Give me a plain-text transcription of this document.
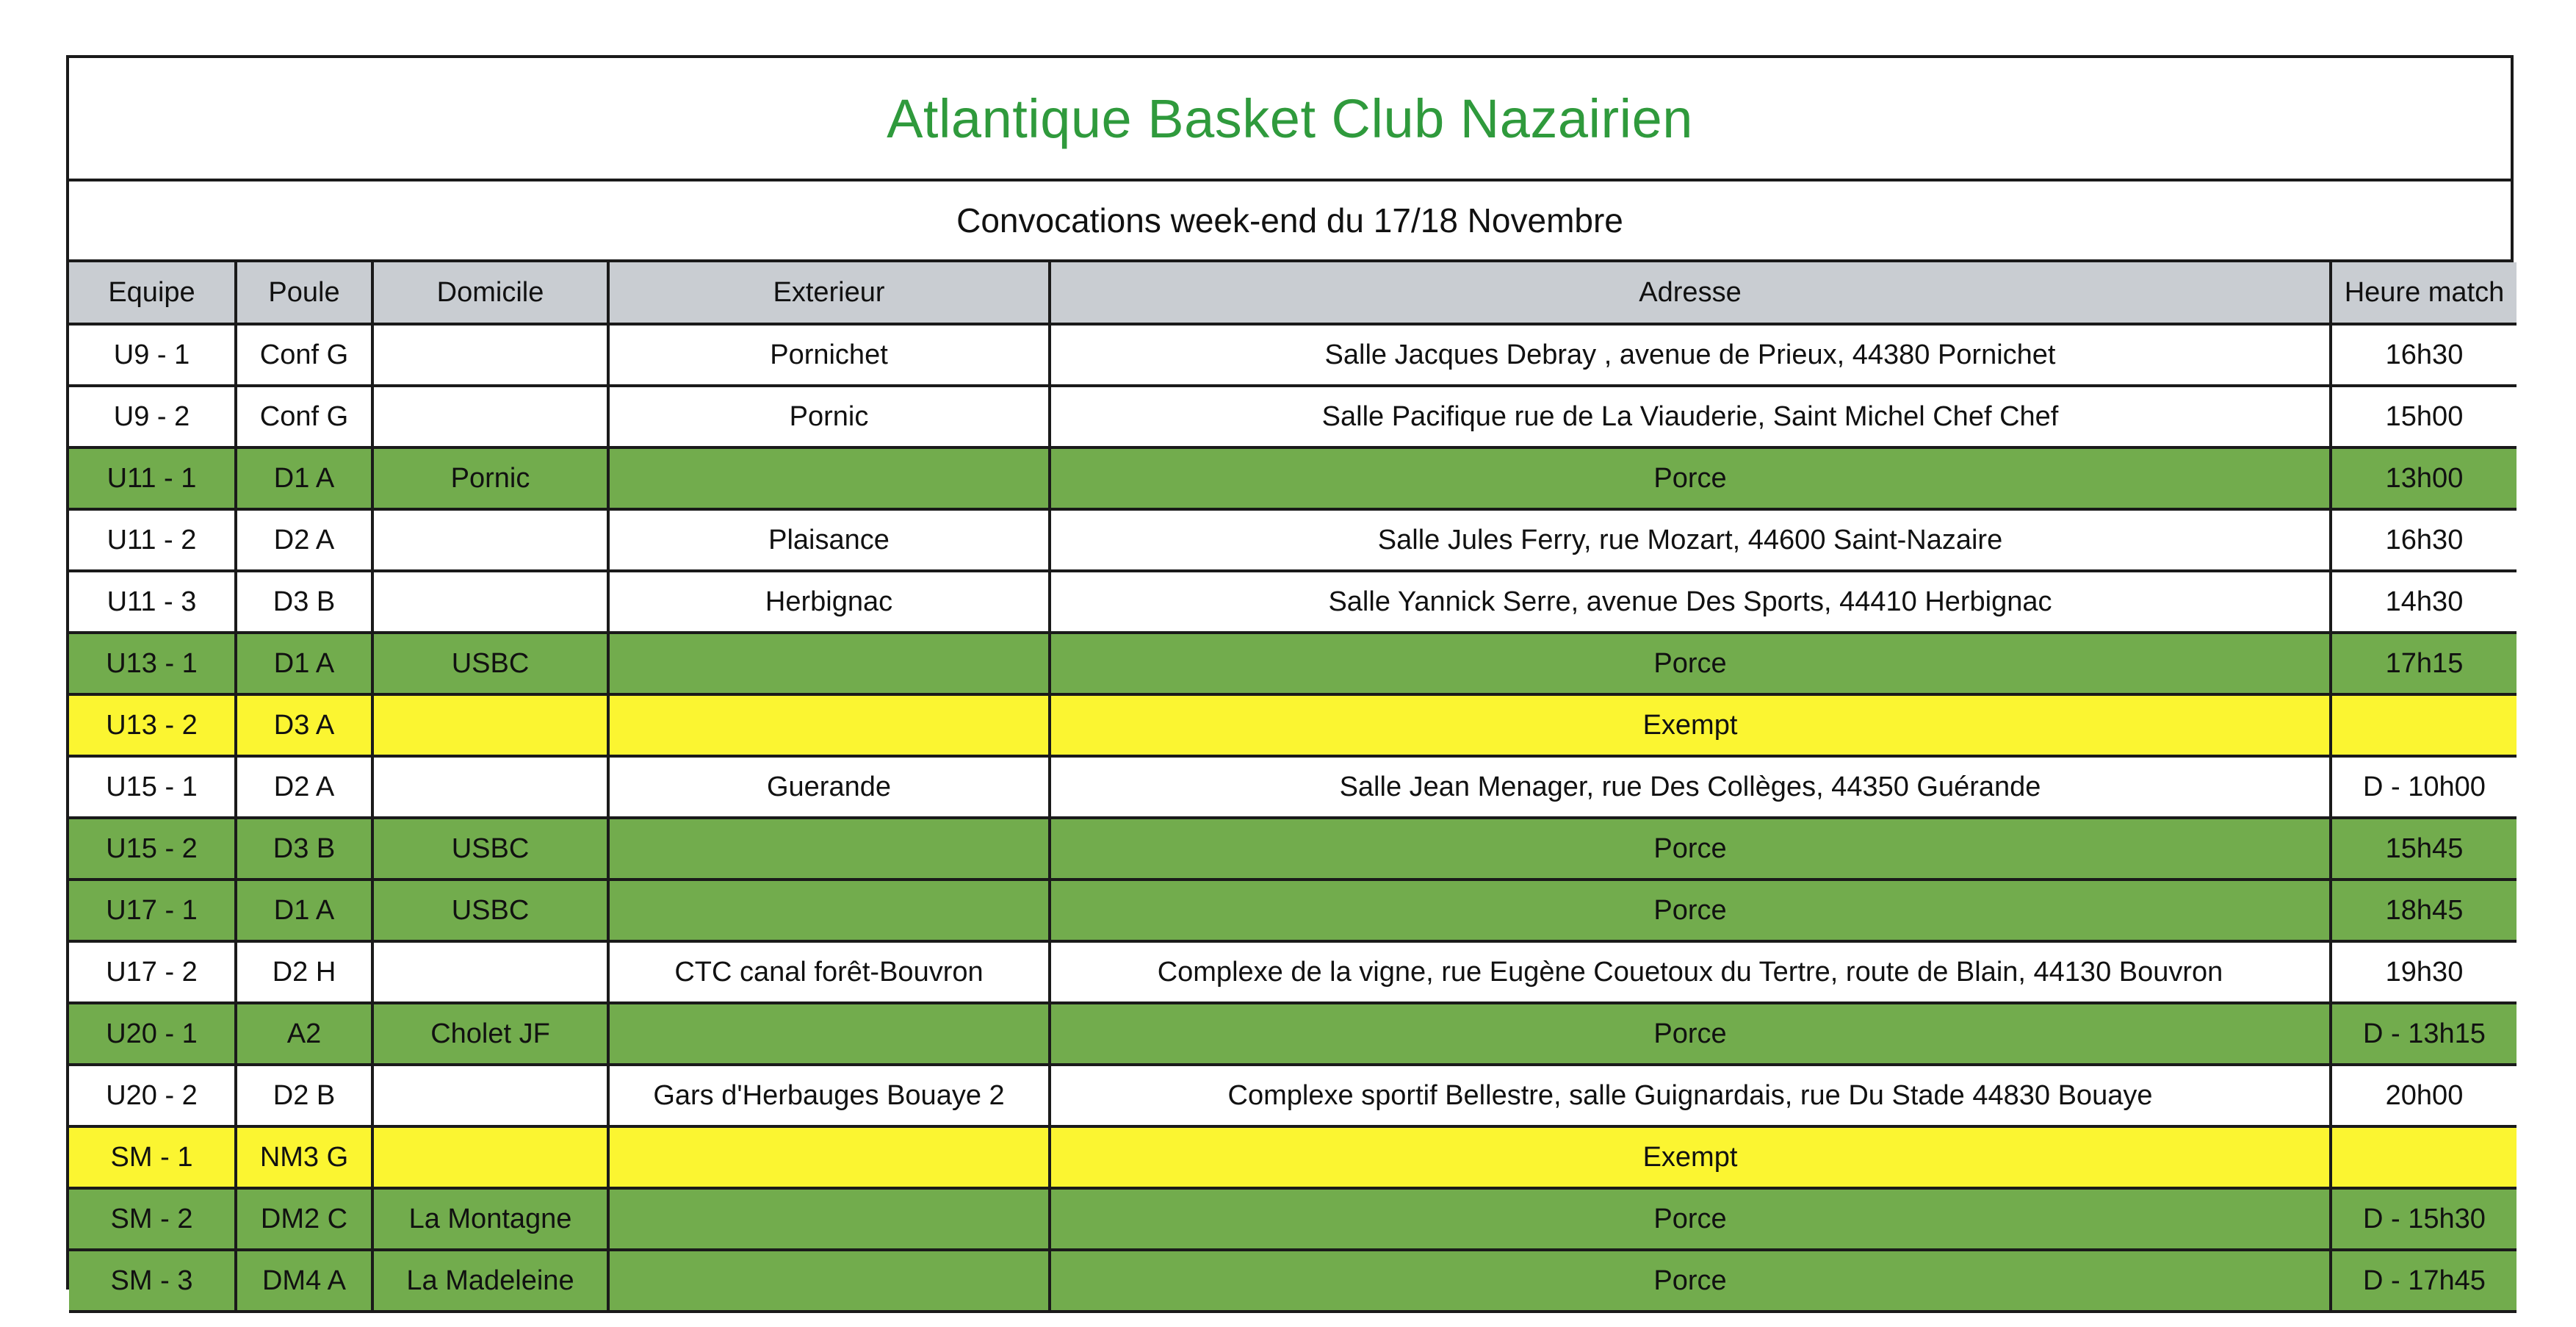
Atlantique Basket Club Nazairien
Convocations week-end du 17/18 Novembre
Equipe	Poule	Domicile	Exterieur	Adresse	Heure match
U9 - 1	Conf G		Pornichet	Salle Jacques Debray , avenue de Prieux, 44380 Pornichet	16h30
U9 - 2	Conf G		Pornic	Salle Pacifique rue de La Viauderie, Saint Michel Chef Chef	15h00
U11 - 1	D1 A	Pornic		Porce	13h00
U11 - 2	D2 A		Plaisance	Salle Jules Ferry, rue Mozart, 44600 Saint-Nazaire	16h30
U11 - 3	D3 B		Herbignac	Salle Yannick Serre, avenue Des Sports, 44410 Herbignac	14h30
U13 - 1	D1 A	USBC		Porce	17h15
U13 - 2	D3 A			Exempt	
U15 - 1	D2 A		Guerande	Salle Jean Menager, rue Des Collèges, 44350 Guérande	D - 10h00
U15 - 2	D3 B	USBC		Porce	15h45
U17 - 1	D1 A	USBC		Porce	18h45
U17 - 2	D2 H		CTC canal forêt-Bouvron	Complexe de la vigne, rue Eugène Couetoux du Tertre, route de Blain, 44130 Bouvron	19h30
U20 - 1	A2	Cholet JF		Porce	D - 13h15
U20 - 2	D2 B		Gars d'Herbauges Bouaye 2	Complexe sportif Bellestre, salle Guignardais, rue Du Stade 44830 Bouaye	20h00
SM - 1	NM3 G			Exempt	
SM - 2	DM2 C	La Montagne		Porce	D - 15h30
SM - 3	DM4 A	La Madeleine		Porce	D - 17h45
